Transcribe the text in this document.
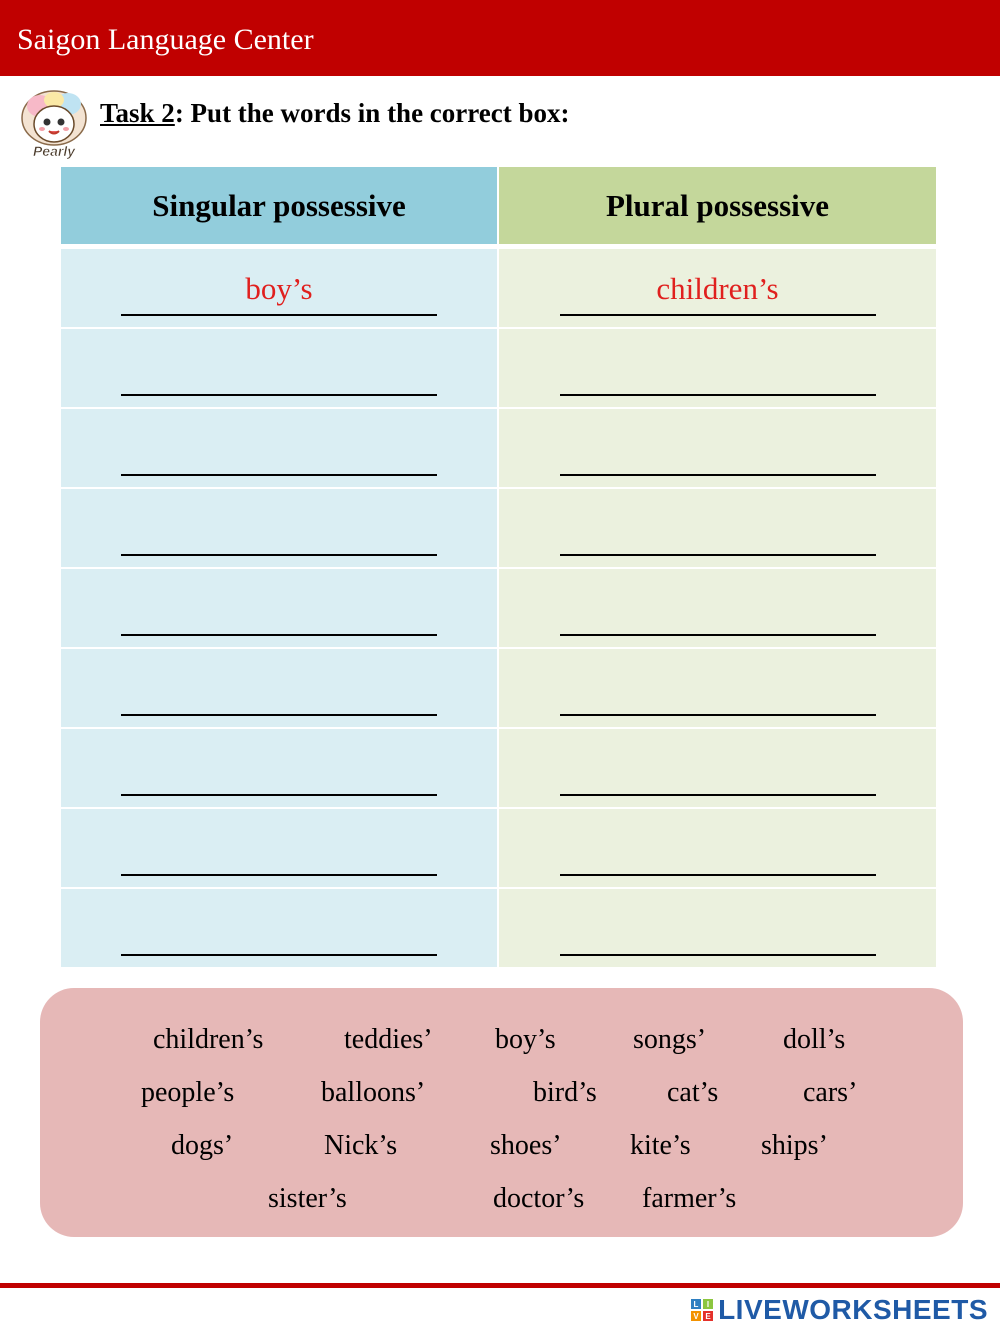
Saigon Language Center
Pearly
Task 2: Put the words in the correct box:
Singular possessive	Plural possessive
boy’s	children’s
children’s	teddies’ boy’s	songs’	doll’s
people’s	balloons’	bird’s	cat’s	cars’
dogs’	Nick’s	shoes’ kite’s	ships’
sister’s	doctor’s farmer’s
L I
V E LIVEWORKSHEETS
